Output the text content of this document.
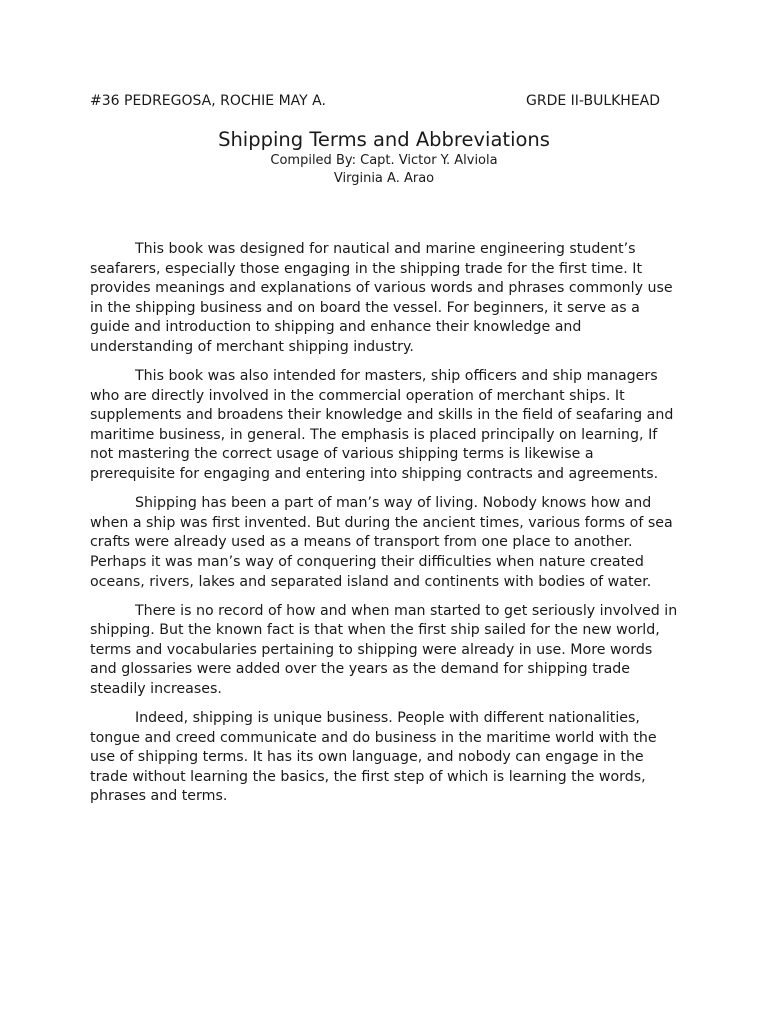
#36 PEDREGOSA, ROCHIE MAY A.	GRDE II-BULKHEAD
Shipping Terms and Abbreviations
Compiled By: Capt. Victor Y. Alviola
Virginia A. Arao

This book was designed for nautical and marine engineering student’s seafarers, especially those engaging in the shipping trade for the first time. It provides meanings and explanations of various words and phrases commonly use in the shipping business and on board the vessel. For beginners, it serve as a guide and introduction to shipping and enhance their knowledge and understanding of merchant shipping industry.

This book was also intended for masters, ship officers and ship managers who are directly involved in the commercial operation of merchant ships. It supplements and broadens their knowledge and skills in the field of seafaring and maritime business, in general. The emphasis is placed principally on learning, If not mastering the correct usage of various shipping terms is likewise a prerequisite for engaging and entering into shipping contracts and agreements.

Shipping has been a part of man’s way of living. Nobody knows how and when a ship was first invented. But during the ancient times, various forms of sea crafts were already used as a means of transport from one place to another. Perhaps it was man’s way of conquering their difficulties when nature created oceans, rivers, lakes and separated island and continents with bodies of water.

There is no record of how and when man started to get seriously involved in shipping. But the known fact is that when the first ship sailed for the new world, terms and vocabularies pertaining to shipping were already in use. More words and glossaries were added over the years as the demand for shipping trade steadily increases.

Indeed, shipping is unique business. People with different nationalities, tongue and creed communicate and do business in the maritime world with the use of shipping terms. It has its own language, and nobody can engage in the trade without learning the basics, the first step of which is learning the words, phrases and terms.
